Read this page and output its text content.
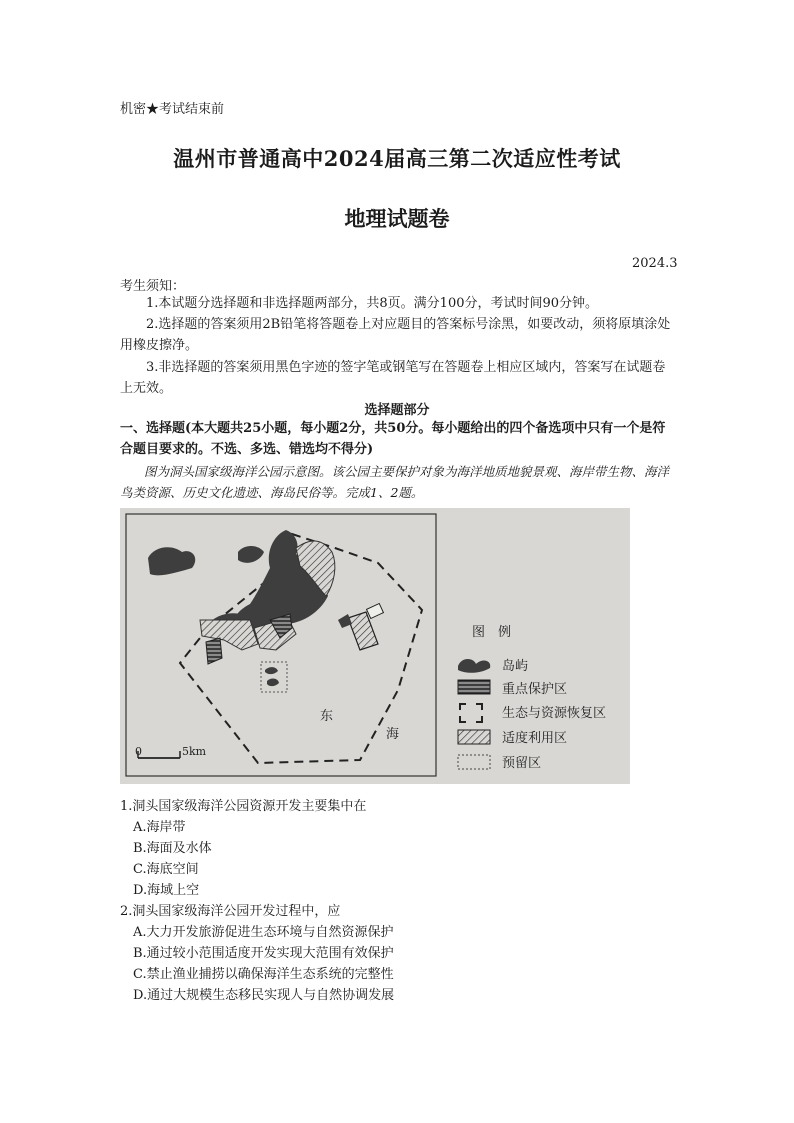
机密★考试结束前
温州市普通高中2024届高三第二次适应性考试
地理试题卷
2024.3
考生须知：
1.本试题分选择题和非选择题两部分，共8页。满分100分，考试时间90分钟。
2.选择题的答案须用2B铅笔将答题卷上对应题目的答案标号涂黑，如要改动，须将原填涂处用橡皮擦净。
3.非选择题的答案须用黑色字迹的签字笔或钢笔写在答题卷上相应区域内，答案写在试题卷上无效。
选择题部分
一、选择题(本大题共25小题，每小题2分，共50分。每小题给出的四个备选项中只有一个是符合题目要求的。不选、多选、错选均不得分)
图为洞头国家级海洋公园示意图。该公园主要保护对象为海洋地质地貌景观、海岸带生物、海洋鸟类资源、历史文化遗迹、海岛民俗等。完成1、2题。
东
海
0	5km
图　例
岛屿
重点保护区
生态与资源恢复区
适度利用区
预留区
1.洞头国家级海洋公园资源开发主要集中在
A.海岸带
B.海面及水体
C.海底空间
D.海域上空
2.洞头国家级海洋公园开发过程中，应
A.大力开发旅游促进生态环境与自然资源保护
B.通过较小范围适度开发实现大范围有效保护
C.禁止渔业捕捞以确保海洋生态系统的完整性
D.通过大规模生态移民实现人与自然协调发展
